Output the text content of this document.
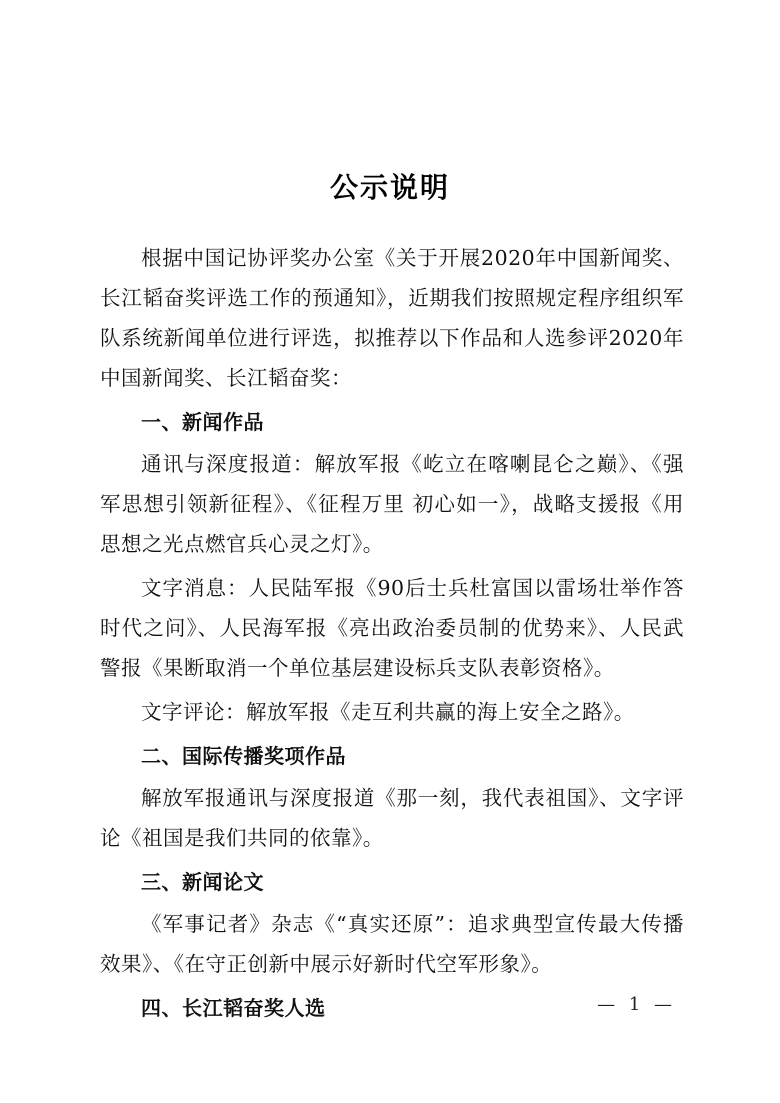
公示说明

根据中国记协评奖办公室《关于开展2020年中国新闻奖、长江韬奋奖评选工作的预通知》，近期我们按照规定程序组织军队系统新闻单位进行评选，拟推荐以下作品和人选参评2020年中国新闻奖、长江韬奋奖：

一、新闻作品

通讯与深度报道：解放军报《屹立在喀喇昆仑之巅》、《强军思想引领新征程》、《征程万里 初心如一》，战略支援报《用思想之光点燃官兵心灵之灯》。

文字消息：人民陆军报《90后士兵杜富国以雷场壮举作答时代之问》、人民海军报《亮出政治委员制的优势来》、人民武警报《果断取消一个单位基层建设标兵支队表彰资格》。

文字评论：解放军报《走互利共赢的海上安全之路》。

二、国际传播奖项作品

解放军报通讯与深度报道《那一刻，我代表祖国》、文字评论《祖国是我们共同的依靠》。

三、新闻论文

《军事记者》杂志《“真实还原”：追求典型宣传最大传播效果》、《在守正创新中展示好新时代空军形象》。

四、长江韬奋奖人选	— 1 —
